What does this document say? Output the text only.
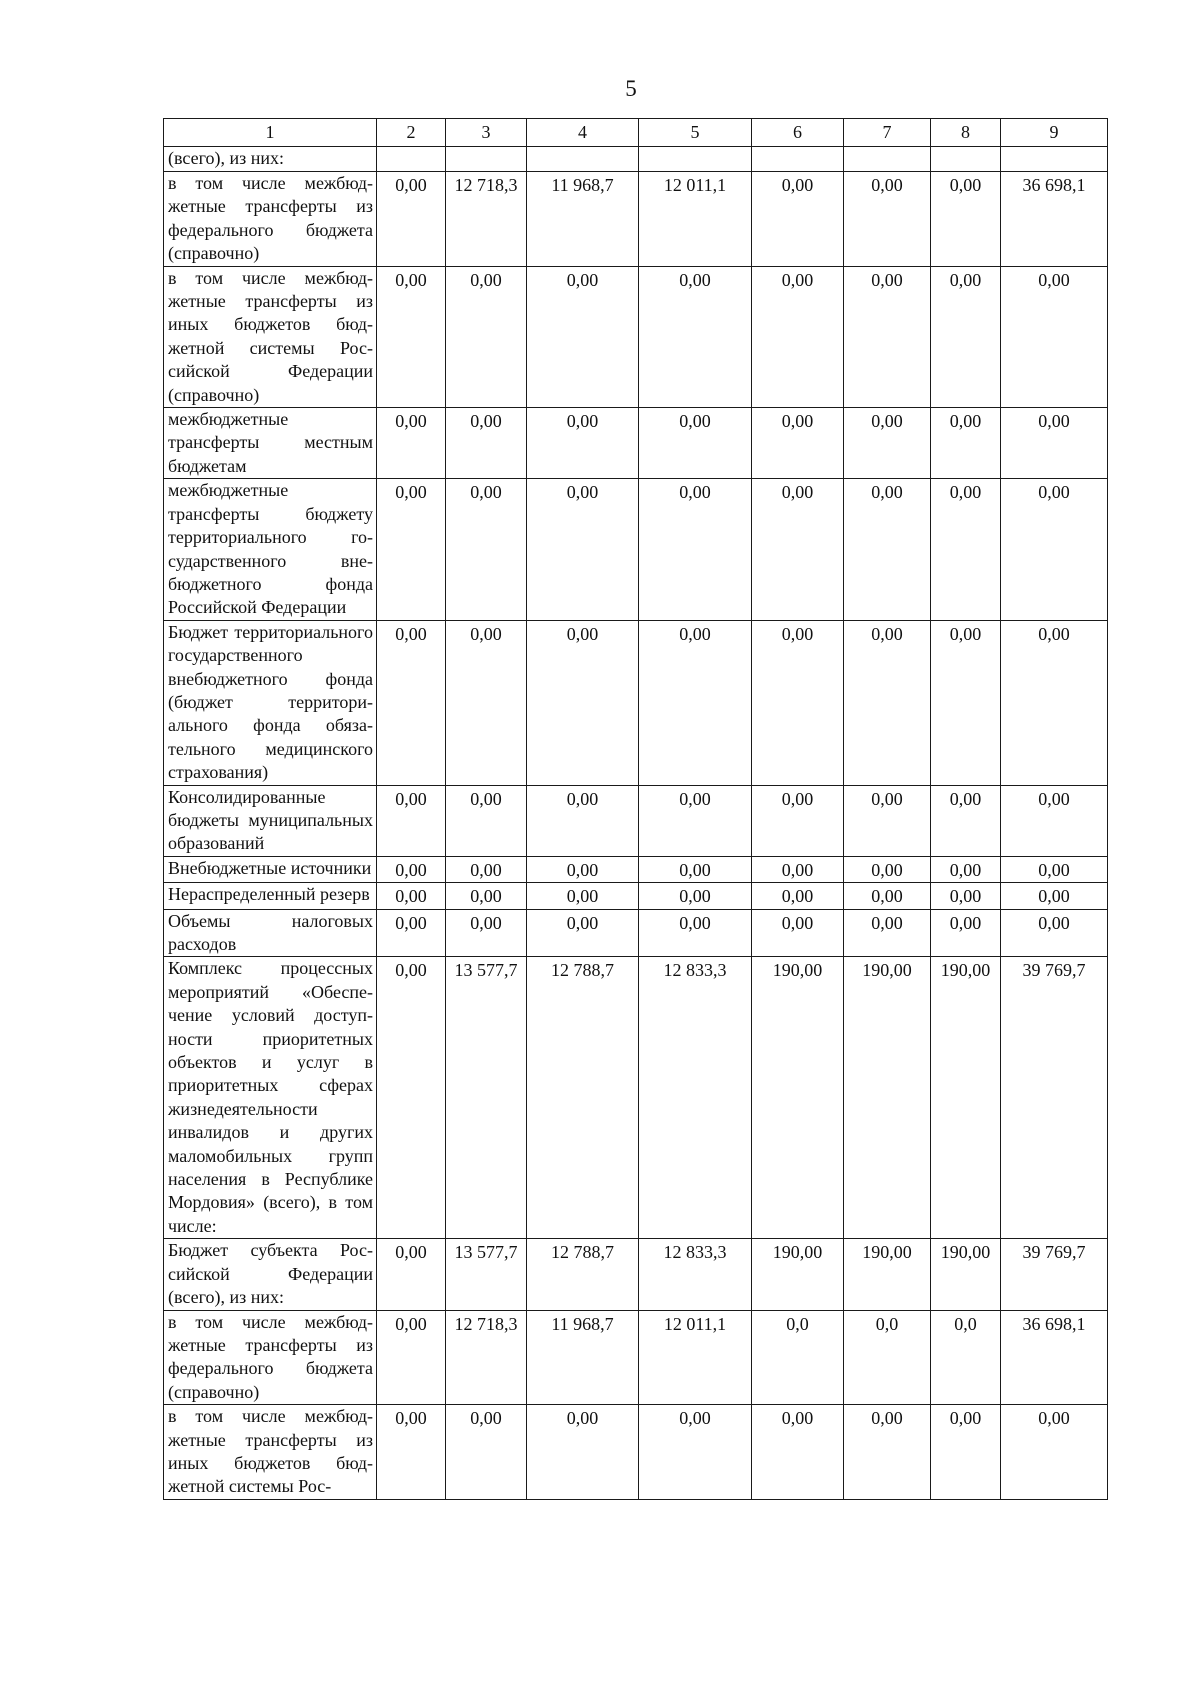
5
1	2	3	4	5	6	7	8	9
(всего), из них:								
в том числе межбюджетные трансферты из федерального бюджета (справочно)	0,00	12 718,3	11 968,7	12 011,1	0,00	0,00	0,00	36 698,1
в том числе межбюджетные трансферты из иных бюджетов бюджетной системы Российской Федерации (справочно)	0,00	0,00	0,00	0,00	0,00	0,00	0,00	0,00
межбюджетные трансферты местным бюджетам	0,00	0,00	0,00	0,00	0,00	0,00	0,00	0,00
межбюджетные трансферты бюджету территориального государственного внебюджетного фонда Российской Федерации	0,00	0,00	0,00	0,00	0,00	0,00	0,00	0,00
Бюджет территориального государственного внебюджетного фонда (бюджет территориального фонда обязательного медицинского страхования)	0,00	0,00	0,00	0,00	0,00	0,00	0,00	0,00
Консолидированные бюджеты муниципальных образований	0,00	0,00	0,00	0,00	0,00	0,00	0,00	0,00
Внебюджетные источники	0,00	0,00	0,00	0,00	0,00	0,00	0,00	0,00
Нераспределенный резерв	0,00	0,00	0,00	0,00	0,00	0,00	0,00	0,00
Объемы налоговых расходов	0,00	0,00	0,00	0,00	0,00	0,00	0,00	0,00
Комплекс процессных мероприятий «Обеспечение условий доступности приоритетных объектов и услуг в приоритетных сферах жизнедеятельности инвалидов и других маломобильных групп населения в Республике Мордовия» (всего), в том числе:	0,00	13 577,7	12 788,7	12 833,3	190,00	190,00	190,00	39 769,7
Бюджет субъекта Российской Федерации (всего), из них:	0,00	13 577,7	12 788,7	12 833,3	190,00	190,00	190,00	39 769,7
в том числе межбюджетные трансферты из федерального бюджета (справочно)	0,00	12 718,3	11 968,7	12 011,1	0,0	0,0	0,0	36 698,1
в том числе межбюджетные трансферты из иных бюджетов бюджетной системы Рос-	0,00	0,00	0,00	0,00	0,00	0,00	0,00	0,00
